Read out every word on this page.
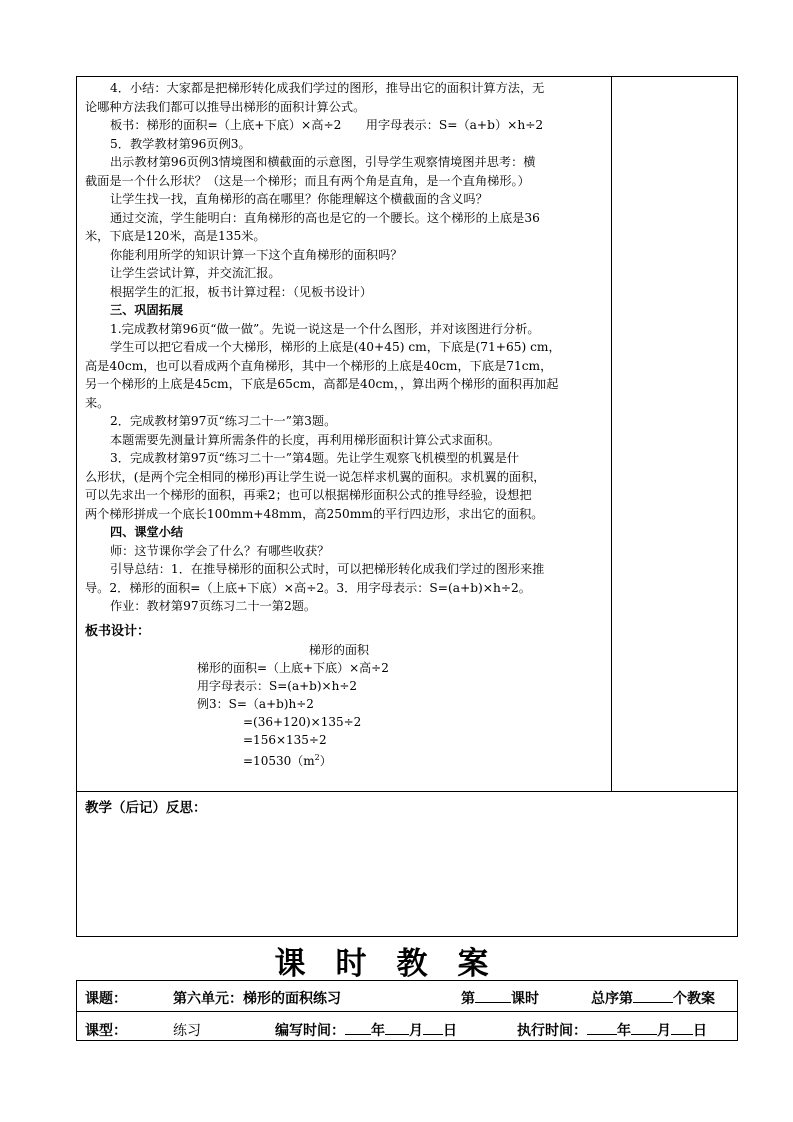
4．小结：大家都是把梯形转化成我们学过的图形，推导出它的面积计算方法，无

论哪种方法我们都可以推导出梯形的面积计算公式。

板书：梯形的面积=（上底+下底）×高÷2　　用字母表示：S=（a+b）×h÷2

5．教学教材第96页例3。

出示教材第96页例3情境图和横截面的示意图，引导学生观察情境图并思考：横

截面是一个什么形状？（这是一个梯形；而且有两个角是直角，是一个直角梯形。）

让学生找一找，直角梯形的高在哪里？你能理解这个横截面的含义吗？

通过交流，学生能明白：直角梯形的高也是它的一个腰长。这个梯形的上底是36

米，下底是120米，高是135米。

你能利用所学的知识计算一下这个直角梯形的面积吗？

让学生尝试计算，并交流汇报。

根据学生的汇报，板书计算过程：（见板书设计）

三、巩固拓展

1.完成教材第96页“做一做”。先说一说这是一个什么图形，并对该图进行分析。

学生可以把它看成一个大梯形，梯形的上底是(40+45) cm，下底是(71+65) cm，

高是40cm，也可以看成两个直角梯形，其中一个梯形的上底是40cm，下底是71cm，

另一个梯形的上底是45cm，下底是65cm，高都是40cm，，算出两个梯形的面积再加起

来。

2．完成教材第97页“练习二十一”第3题。

本题需要先测量计算所需条件的长度，再利用梯形面积计算公式求面积。

3．完成教材第97页“练习二十一”第4题。先让学生观察飞机模型的机翼是什

么形状，(是两个完全相同的梯形)再让学生说一说怎样求机翼的面积。求机翼的面积，

可以先求出一个梯形的面积，再乘2；也可以根据梯形面积公式的推导经验，设想把

两个梯形拼成一个底长100mm+48mm，高250mm的平行四边形，求出它的面积。

四、课堂小结

师：这节课你学会了什么？有哪些收获？

引导总结：1．在推导梯形的面积公式时，可以把梯形转化成我们学过的图形来推

导。2．梯形的面积=（上底+下底）×高÷2。3．用字母表示：S=(a+b)×h÷2。

作业：教材第97页练习二十一第2题。

板书设计：
梯形的面积
梯形的面积=（上底+下底）×高÷2
用字母表示：S=(a+b)×h÷2
例3：S=（a+b)h÷2
=(36+120)×135÷2
=156×135÷2
$=10530(m^2)$
教学（后记）反思：
课时教案
课题：	第六单元：梯形的面积练习	第	课时	总序第	个教案
课型：	练习	编写时间： 年 月 日	执行时间： 年 月 日
